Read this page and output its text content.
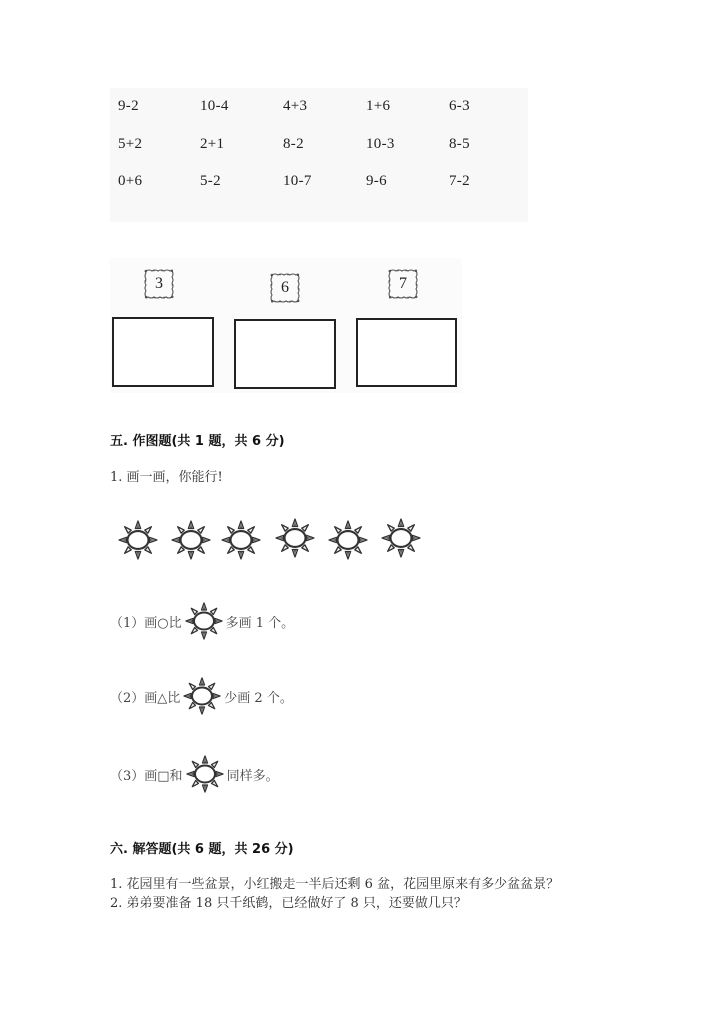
9-2	10-4	4+3	1+6	6-3
5+2	2+1	8-2	10-3	8-5
0+6	5-2	10-7	9-6	7-2
3	6	7
五. 作图题(共 1 题，共 6 分)
1. 画一画，你能行!
（1）画○比	多画 1 个。
（2）画△比	少画 2 个。
（3）画□和	同样多。
六. 解答题(共 6 题，共 26 分)
1. 花园里有一些盆景，小红搬走一半后还剩 6 盆，花园里原来有多少盆盆景？
2. 弟弟要准备 18 只千纸鹤，已经做好了 8 只，还要做几只？
